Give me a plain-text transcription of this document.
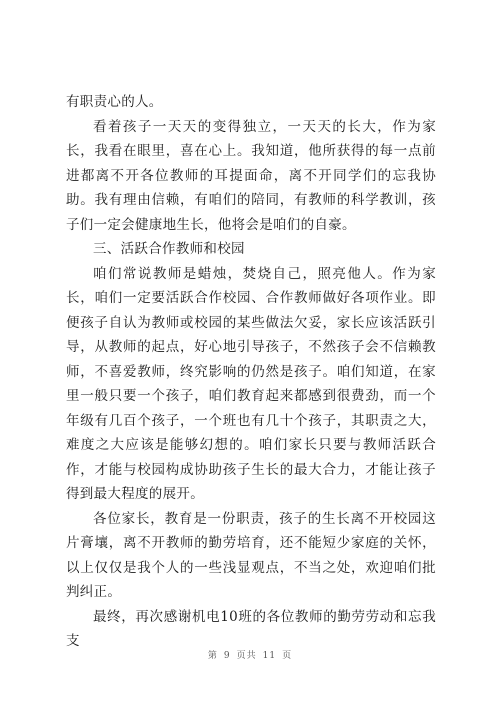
有职责心的人。

看着孩子一天天的变得独立，一天天的长大，作为家长，我看在眼里，喜在心上。我知道，他所获得的每一点前进都离不开各位教师的耳提面命，离不开同学们的忘我协助。我有理由信赖，有咱们的陪同，有教师的科学教训，孩子们一定会健康地生长，他将会是咱们的自豪。

三、活跃合作教师和校园

咱们常说教师是蜡烛，焚烧自己，照亮他人。作为家长，咱们一定要活跃合作校园、合作教师做好各项作业。即便孩子自认为教师或校园的某些做法欠妥，家长应该活跃引导，从教师的起点，好心地引导孩子，不然孩子会不信赖教师，不喜爱教师，终究影响的仍然是孩子。咱们知道，在家里一般只要一个孩子，咱们教育起来都感到很费劲，而一个年级有几百个孩子，一个班也有几十个孩子，其职责之大，难度之大应该是能够幻想的。咱们家长只要与教师活跃合作，才能与校园构成协助孩子生长的最大合力，才能让孩子得到最大程度的展开。

各位家长，教育是一份职责，孩子的生长离不开校园这片膏壤，离不开教师的勤劳培育，还不能短少家庭的关怀，以上仅仅是我个人的一些浅显观点，不当之处，欢迎咱们批判纠正。

最终，再次感谢机电10班的各位教师的勤劳劳动和忘我支

第 9 页共 11 页
